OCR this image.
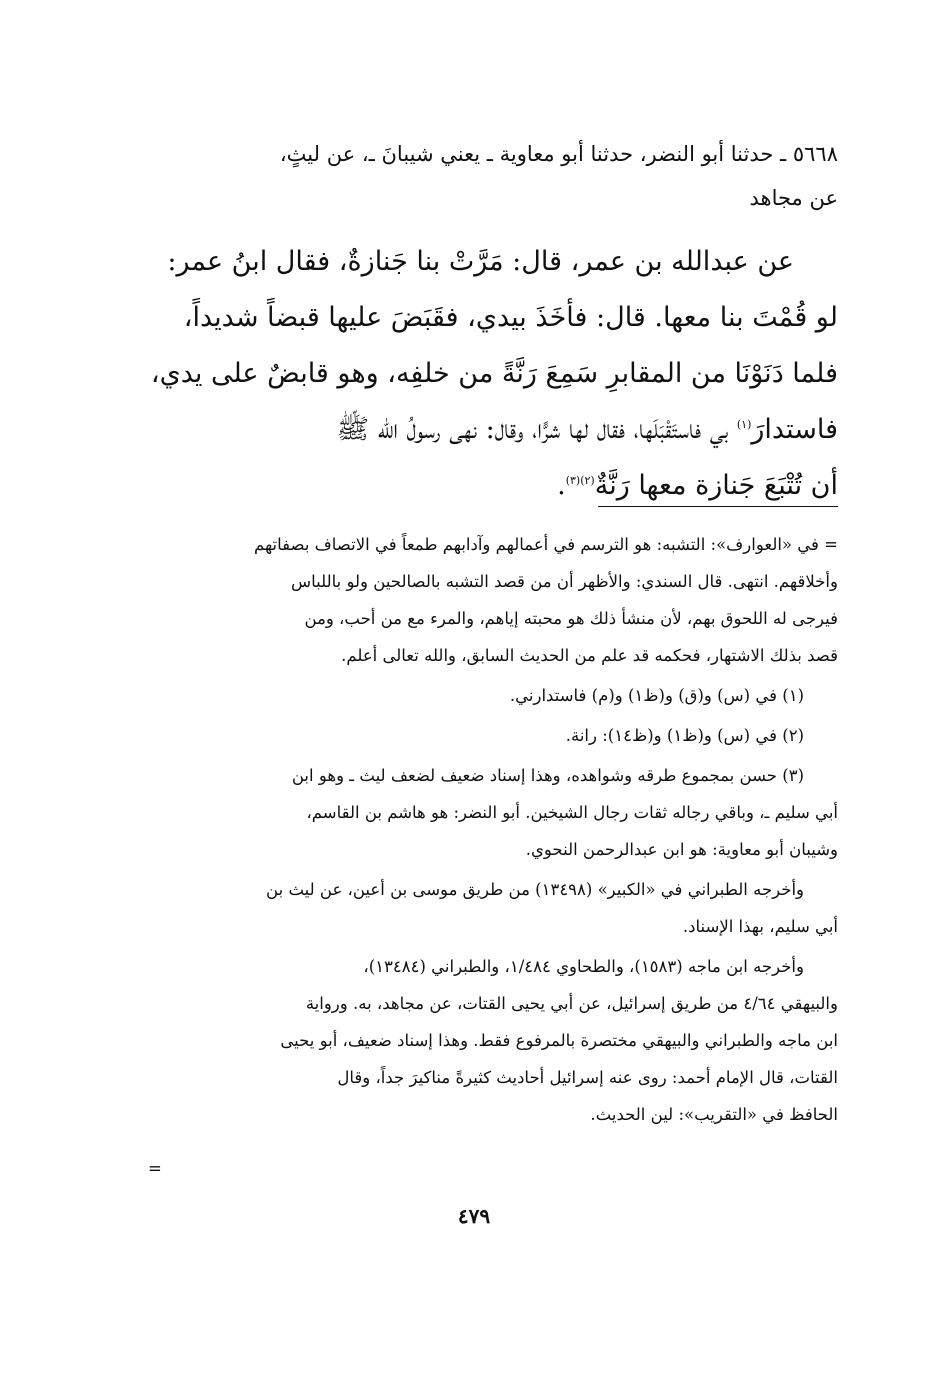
٥٦٦٨ ـ حدثنا أبو النضر، حدثنا أبو معاوية ـ يعني شيبانَ ـ، عن ليثٍ،

عن مجاهد

عن عبدالله بن عمر، قال: مَرَّتْ بنا جَنازةٌ، فقال ابنُ عمر:

لو قُمْتَ بنا معها. قال: فأخَذَ بيدي، فقَبَضَ عليها قبضاً شديداً،

فلما دَنَوْنَا من المقابرِ سَمِعَ رَنَّةً من خلفِه، وهو قابضٌ على يدي،

فاستدارَ$^{(١)}$ بي فاستَقْبَلَها، فقال لها شرًّا، وقال: نهى رسولُ الله ﷺ

أن تُتْبَعَ جَنازة معها رَنَّةٌ$^{(٢)(٣)}$.

= في «العوارف»: التشبه: هو الترسم في أعمالهم وآدابهم طمعاً في الاتصاف بصفاتهم
وأخلاقهم. انتهى. قال السندي: والأظهر أن من قصد التشبه بالصالحين ولو باللباس
فيرجى له اللحوق بهم، لأن منشأ ذلك هو محبته إياهم، والمرء مع من أحب، ومن
قصد بذلك الاشتهار، فحكمه قد علم من الحديث السابق، والله تعالى أعلم.

(١) في (س) و(ق) و(ظ١) و(م) فاستدارني.

(٢) في (س) و(ظ١) و(ظ١٤): رانة.

(٣) حسن بمجموع طرقه وشواهده، وهذا إسناد ضعيف لضعف ليث ـ وهو ابن
أبي سليم ـ، وباقي رجاله ثقات رجال الشيخين. أبو النضر: هو هاشم بن القاسم،
وشيبان أبو معاوية: هو ابن عبدالرحمن النحوي.

وأخرجه الطبراني في «الكبير» (١٣٤٩٨) من طريق موسى بن أعين، عن ليث بن
أبي سليم، بهذا الإسناد.

وأخرجه ابن ماجه (١٥٨٣)، والطحاوي ١/٤٨٤، والطبراني (١٣٤٨٤)،
والبيهقي ٤/٦٤ من طريق إسرائيل، عن أبي يحيى القتات، عن مجاهد، به. ورواية
ابن ماجه والطبراني والبيهقي مختصرة بالمرفوع فقط. وهذا إسناد ضعيف، أبو يحيى
القتات، قال الإمام أحمد: روى عنه إسرائيل أحاديث كثيرةً مناكيرَ جداً، وقال
الحافظ في «التقريب»: لين الحديث.

=
٤٧٩
